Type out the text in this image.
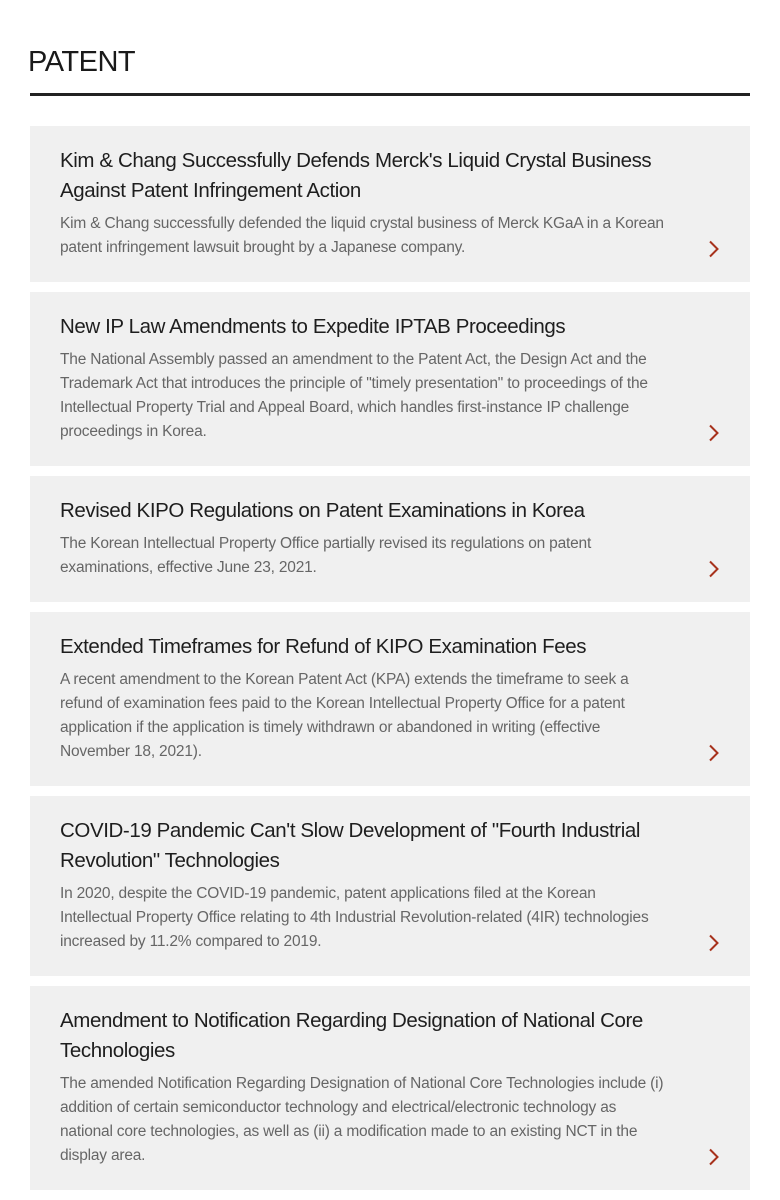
PATENT
Kim & Chang Successfully Defends Merck's Liquid Crystal Business Against Patent Infringement Action

Kim & Chang successfully defended the liquid crystal business of Merck KGaA in a Korean patent infringement lawsuit brought by a Japanese company.

New IP Law Amendments to Expedite IPTAB Proceedings

The National Assembly passed an amendment to the Patent Act, the Design Act and the Trademark Act that introduces the principle of "timely presentation" to proceedings of the Intellectual Property Trial and Appeal Board, which handles first-instance IP challenge proceedings in Korea.

Revised KIPO Regulations on Patent Examinations in Korea

The Korean Intellectual Property Office partially revised its regulations on patent examinations, effective June 23, 2021.

Extended Timeframes for Refund of KIPO Examination Fees

A recent amendment to the Korean Patent Act (KPA) extends the timeframe to seek a refund of examination fees paid to the Korean Intellectual Property Office for a patent application if the application is timely withdrawn or abandoned in writing (effective November 18, 2021).

COVID-19 Pandemic Can't Slow Development of "Fourth Industrial Revolution" Technologies

In 2020, despite the COVID-19 pandemic, patent applications filed at the Korean Intellectual Property Office relating to 4th Industrial Revolution-related (4IR) technologies increased by 11.2% compared to 2019.

Amendment to Notification Regarding Designation of National Core Technologies

The amended Notification Regarding Designation of National Core Technologies include (i) addition of certain semiconductor technology and electrical/electronic technology as national core technologies, as well as (ii) a modification made to an existing NCT in the display area.
